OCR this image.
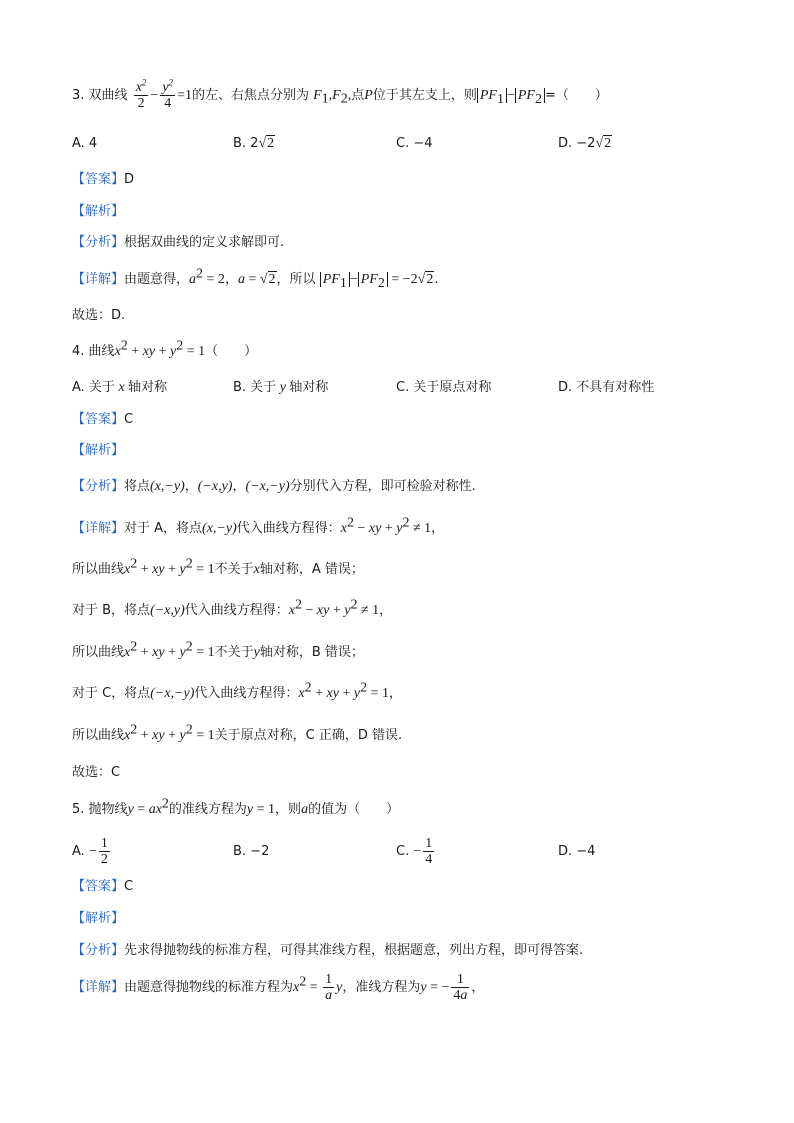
3. 双曲线 $\frac{x^2}{2} - \frac{y^2}{4} =1$的左、右焦点分别为 $F_1,F_2$,点P位于其左支上，则 $PF_1 - PF_2$ =（　　）
A. 4	B. 2√2	C. −4	D. −2√2
【答案】D
【解析】
【分析】根据双曲线的定义求解即可.
【详解】由题意得，$a^2 = 2$，a = √2，所以 $PF_1 - PF_2 = -2√2$.
故选：D.
4. 曲线$x^2$ + xy + $y^2 = 1$（　　）
A. 关于 x 轴对称	B. 关于 y 轴对称	C. 关于原点对称	D. 不具有对称性
【答案】C
【解析】
【分析】将点(x,−y)，(−x,y)，(−x,−y)分别代入方程，即可检验对称性.
【详解】对于 A，将点(x,−y)代入曲线方程得：$x^2$ − xy + $y^2 \ne 1$，
所以曲线$x^2$ + xy + $y^2 = 1$不关于x轴对称，A 错误；
对于 B，将点(−x,y)代入曲线方程得：$x^2$ − xy + $y^2 \ne 1$，
所以曲线$x^2$ + xy + $y^2 = 1$不关于y轴对称，B 错误；
对于 C，将点(−x,−y)代入曲线方程得：$x^2$ + xy + $y^2 = 1$，
所以曲线$x^2$ + xy + $y^2 = 1$关于原点对称，C 正确，D 错误.
故选：C
5. 抛物线$y = ax^2$的准线方程为y = 1，则a的值为（　　）
A. − $\frac{1}{2}$	B. −2	C. − $\frac{1}{4}$	D. −4
【答案】C
【解析】
【分析】先求得抛物线的标准方程，可得其准线方程，根据题意，列出方程，即可得答案.
【详解】由题意得抛物线的标准方程为$x^2 = \frac{1}{a}$ y，准线方程为y = − $\frac{1}{4a}$ ，
